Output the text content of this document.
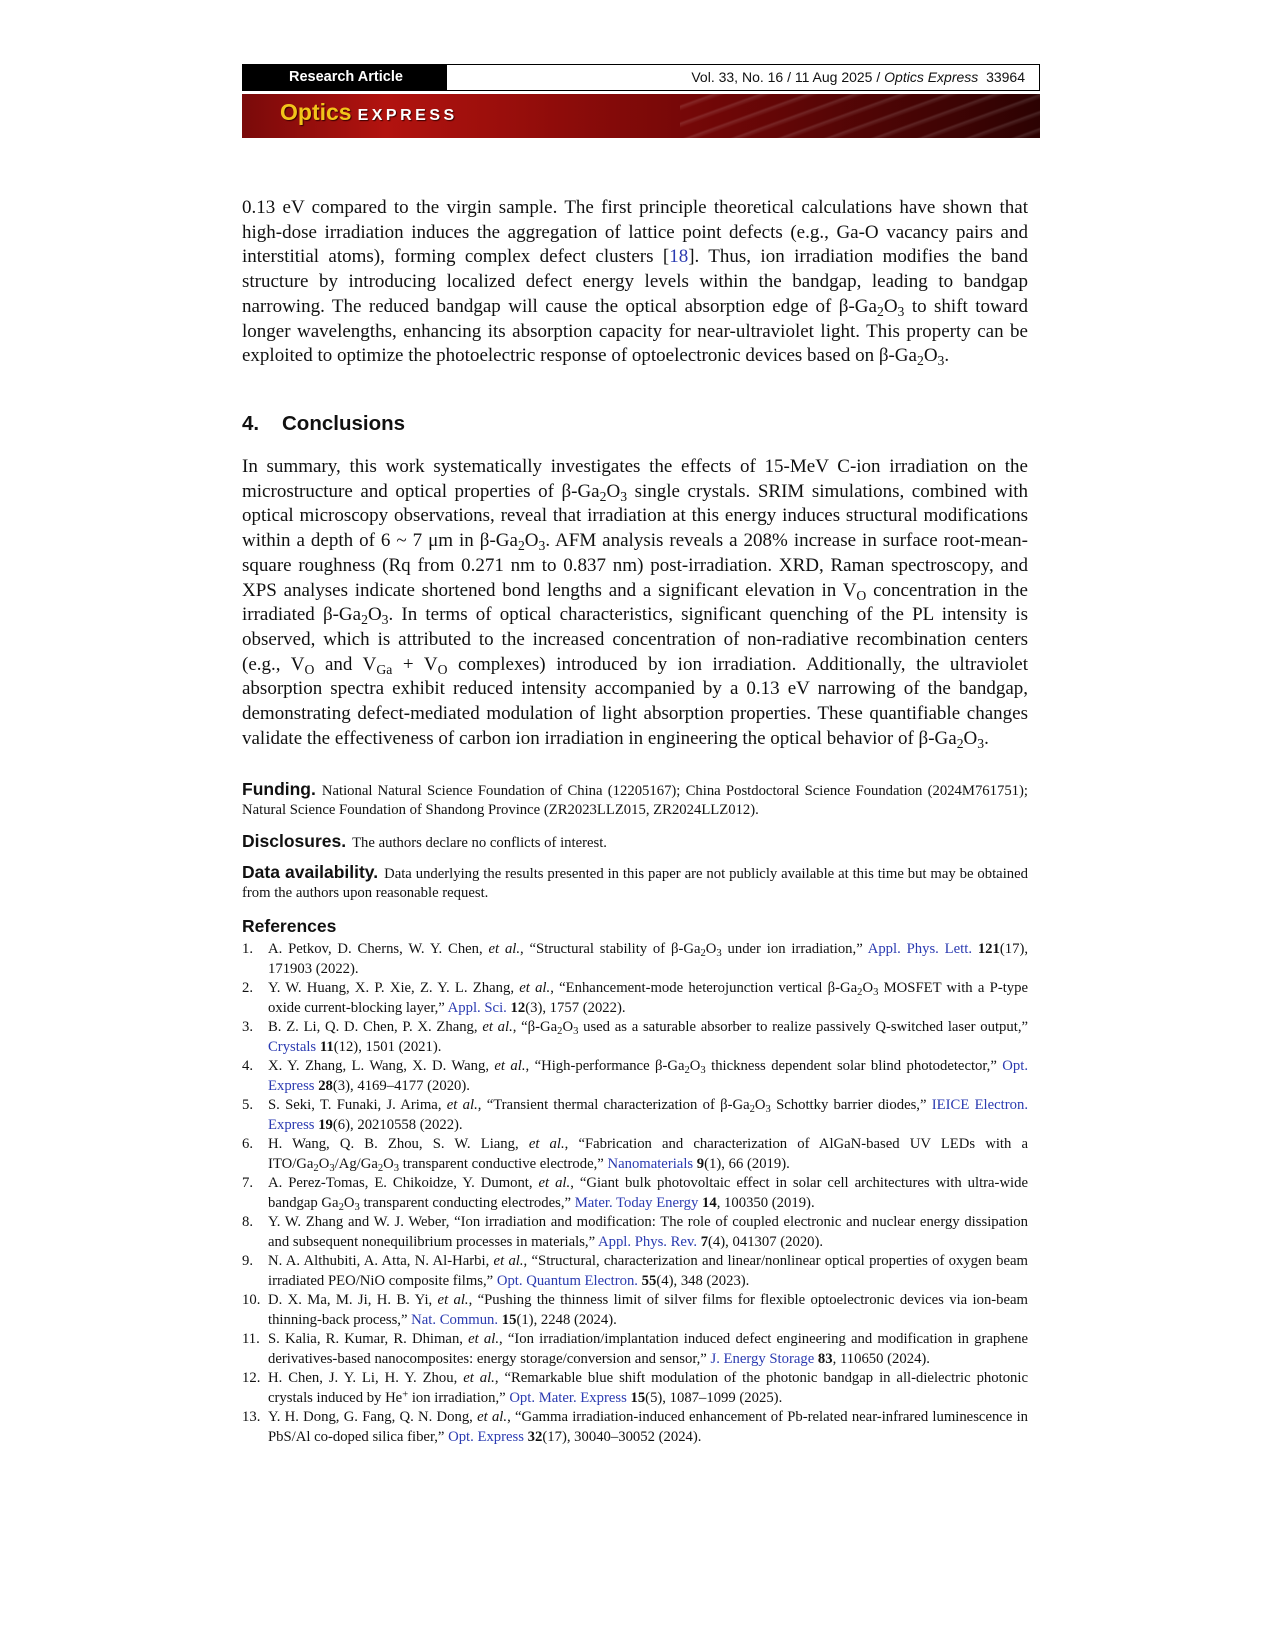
Research Article	Vol. 33, No. 16 / 11 Aug 2025 / Optics Express 33964
Optics EXPRESS

0.13 eV compared to the virgin sample. The first principle theoretical calculations have shown that high-dose irradiation induces the aggregation of lattice point defects (e.g., Ga-O vacancy pairs and interstitial atoms), forming complex defect clusters [18]. Thus, ion irradiation modifies the band structure by introducing localized defect energy levels within the bandgap, leading to bandgap narrowing. The reduced bandgap will cause the optical absorption edge of $\beta-Ga_2O_3$ to shift toward longer wavelengths, enhancing its absorption capacity for near-ultraviolet light. This property can be exploited to optimize the photoelectric response of optoelectronic devices based on $\beta-Ga_2O_3$.

4. Conclusions

In summary, this work systematically investigates the effects of 15-MeV C-ion irradiation on the microstructure and optical properties of $\beta-Ga_2O_3$ single crystals. SRIM simulations, combined with optical microscopy observations, reveal that irradiation at this energy induces structural modifications within a depth of 6 ~ 7 μm in $\beta-Ga_2O_3$. AFM analysis reveals a 208% increase in surface root-mean-square roughness (Rq from 0.271 nm to 0.837 nm) post-irradiation. XRD, Raman spectroscopy, and XPS analyses indicate shortened bond lengths and a significant elevation in $V_O$ concentration in the irradiated $\beta-Ga_2O_3$. In terms of optical characteristics, significant quenching of the PL intensity is observed, which is attributed to the increased concentration of non-radiative recombination centers (e.g., $V_O$ and $V_{Ga} + V_O$ complexes) introduced by ion irradiation. Additionally, the ultraviolet absorption spectra exhibit reduced intensity accompanied by a 0.13 eV narrowing of the bandgap, demonstrating defect-mediated modulation of light absorption properties. These quantifiable changes validate the effectiveness of carbon ion irradiation in engineering the optical behavior of $\beta-Ga_2O_3$.

Funding. National Natural Science Foundation of China (12205167); China Postdoctoral Science Foundation (2024M761751); Natural Science Foundation of Shandong Province (ZR2023LLZ015, ZR2024LLZ012).
Disclosures. The authors declare no conflicts of interest.
Data availability. Data underlying the results presented in this paper are not publicly available at this time but may be obtained from the authors upon reasonable request.
References
1. A. Petkov, D. Cherns, W. Y. Chen, et al., “Structural stability of $\beta-Ga_2O_3$ under ion irradiation,” Appl. Phys. Lett. 121(17), 171903 (2022).
2. Y. W. Huang, X. P. Xie, Z. Y. L. Zhang, et al., “Enhancement-mode heterojunction vertical $\beta-Ga_2O_3$ MOSFET with a P-type oxide current-blocking layer,” Appl. Sci. 12(3), 1757 (2022).
3. B. Z. Li, Q. D. Chen, P. X. Zhang, et al., “$\beta-Ga_2O_3$ used as a saturable absorber to realize passively Q-switched laser output,” Crystals 11(12), 1501 (2021).
4. X. Y. Zhang, L. Wang, X. D. Wang, et al., “High-performance $\beta-Ga_2O_3$ thickness dependent solar blind photodetector,” Opt. Express 28(3), 4169–4177 (2020).
5. S. Seki, T. Funaki, J. Arima, et al., “Transient thermal characterization of $\beta-Ga_2O_3$ Schottky barrier diodes,” IEICE Electron. Express 19(6), 20210558 (2022).
6. H. Wang, Q. B. Zhou, S. W. Liang, et al., “Fabrication and characterization of AlGaN-based UV LEDs with a ITO/$Ga_2O_3/Ag/Ga_2O_3$ transparent conductive electrode,” Nanomaterials 9(1), 66 (2019).
7. A. Perez-Tomas, E. Chikoidze, Y. Dumont, et al., “Giant bulk photovoltaic effect in solar cell architectures with ultra-wide bandgap $Ga_2O_3$ transparent conducting electrodes,” Mater. Today Energy 14, 100350 (2019).
8. Y. W. Zhang and W. J. Weber, “Ion irradiation and modification: The role of coupled electronic and nuclear energy dissipation and subsequent nonequilibrium processes in materials,” Appl. Phys. Rev. 7(4), 041307 (2020).
9. N. A. Althubiti, A. Atta, N. Al-Harbi, et al., “Structural, characterization and linear/nonlinear optical properties of oxygen beam irradiated PEO/NiO composite films,” Opt. Quantum Electron. 55(4), 348 (2023).
10. D. X. Ma, M. Ji, H. B. Yi, et al., “Pushing the thinness limit of silver films for flexible optoelectronic devices via ion-beam thinning-back process,” Nat. Commun. 15(1), 2248 (2024).
11. S. Kalia, R. Kumar, R. Dhiman, et al., “Ion irradiation/implantation induced defect engineering and modification in graphene derivatives-based nanocomposites: energy storage/conversion and sensor,” J. Energy Storage 83, 110650 (2024).
12. H. Chen, J. Y. Li, H. Y. Zhou, et al., “Remarkable blue shift modulation of the photonic bandgap in all-dielectric photonic crystals induced by He+ ion irradiation,” Opt. Mater. Express 15(5), 1087–1099 (2025).
13. Y. H. Dong, G. Fang, Q. N. Dong, et al., “Gamma irradiation-induced enhancement of Pb-related near-infrared luminescence in PbS/Al co-doped silica fiber,” Opt. Express 32(17), 30040–30052 (2024).
